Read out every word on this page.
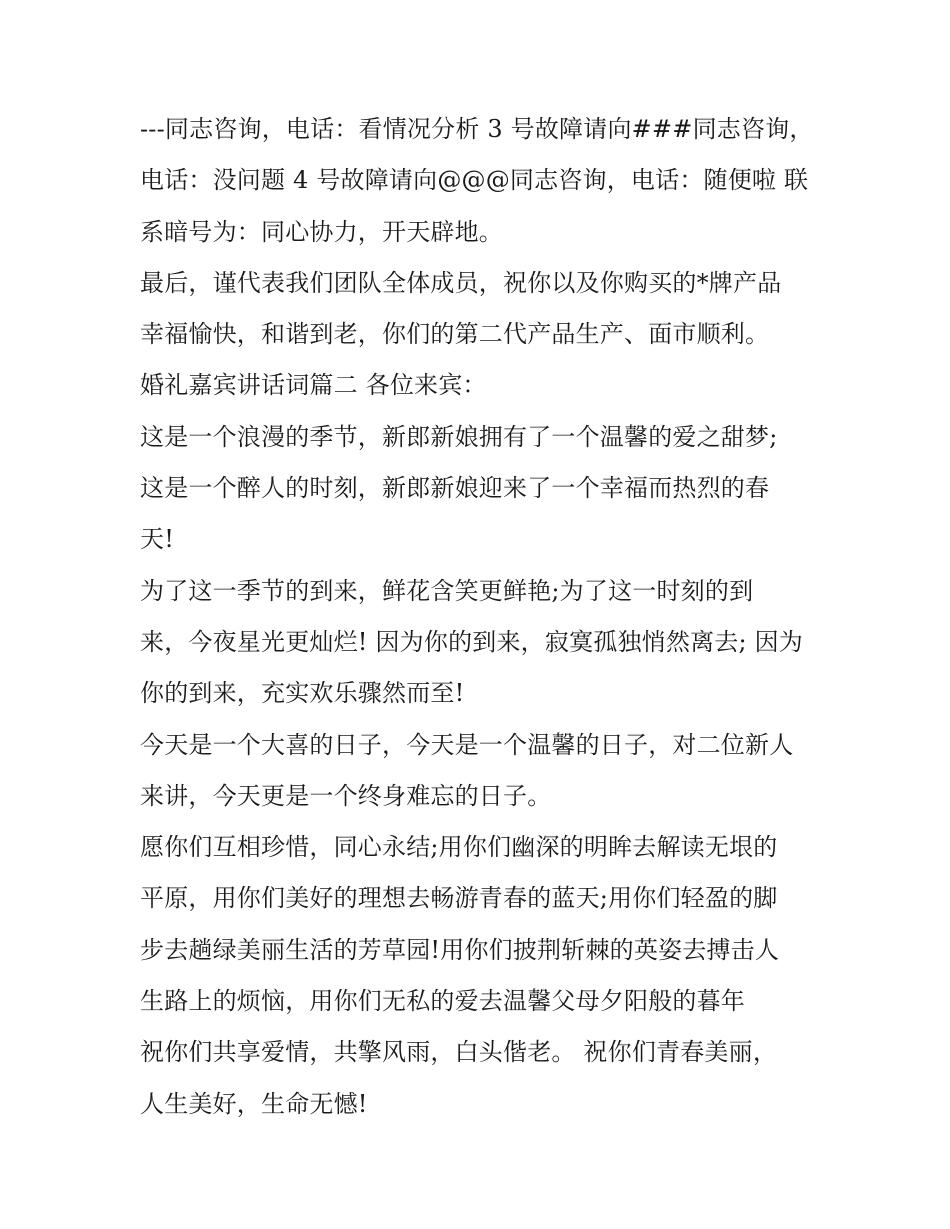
---同志咨询，电话：看情况分析 3 号故障请向###同志咨询，
电话：没问题 4 号故障请向@@@同志咨询，电话：随便啦 联
系暗号为：同心协力，开天辟地。
最后，谨代表我们团队全体成员，祝你以及你购买的*牌产品
幸福愉快，和谐到老，你们的第二代产品生产、面市顺利。
婚礼嘉宾讲话词篇二 各位来宾：
这是一个浪漫的季节，新郎新娘拥有了一个温馨的爱之甜梦;
这是一个醉人的时刻，新郎新娘迎来了一个幸福而热烈的春
天!
为了这一季节的到来，鲜花含笑更鲜艳;为了这一时刻的到
来，今夜星光更灿烂! 因为你的到来，寂寞孤独悄然离去; 因为
你的到来，充实欢乐骤然而至!
今天是一个大喜的日子，今天是一个温馨的日子，对二位新人
来讲，今天更是一个终身难忘的日子。
愿你们互相珍惜，同心永结;用你们幽深的明眸去解读无垠的
平原，用你们美好的理想去畅游青春的蓝天;用你们轻盈的脚
步去趟绿美丽生活的芳草园!用你们披荆斩棘的英姿去搏击人
生路上的烦恼，用你们无私的爱去温馨父母夕阳般的暮年
祝你们共享爱情，共擎风雨，白头偕老。 祝你们青春美丽，
人生美好，生命无憾!
